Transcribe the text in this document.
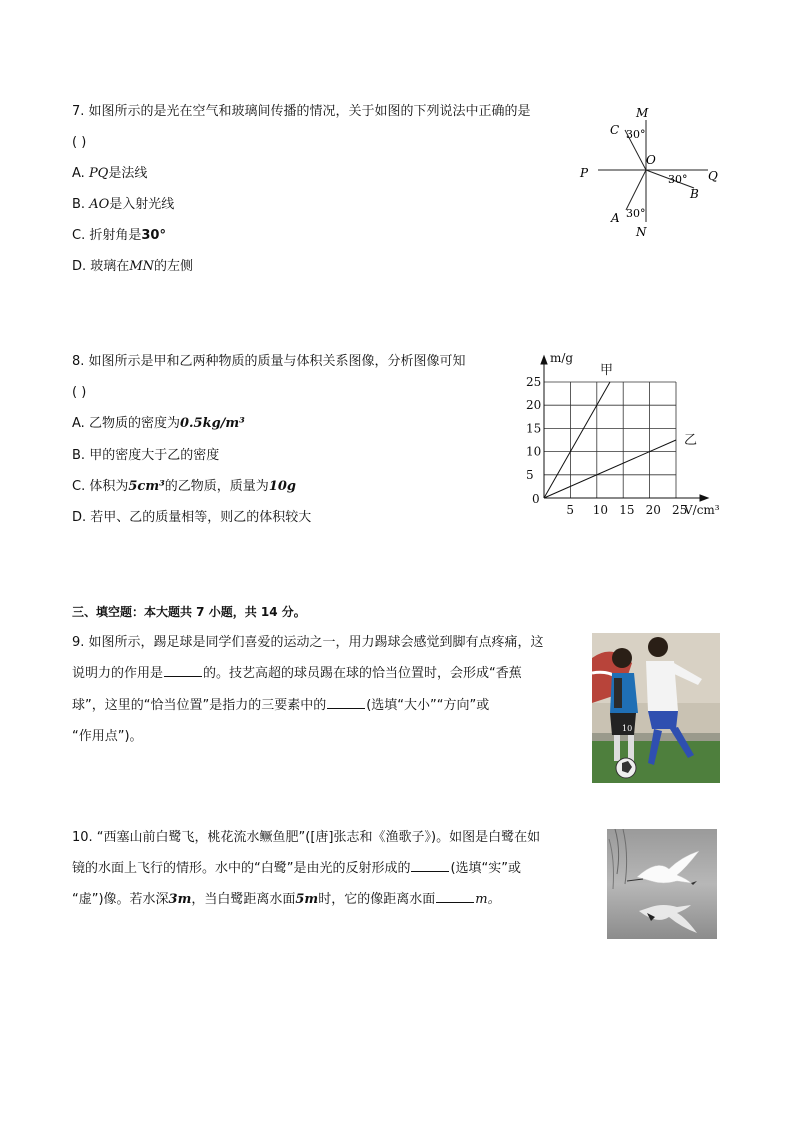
7. 如图所示的是光在空气和玻璃间传播的情况，关于如图的下列说法中正确的是
( )
A. PQ是法线
B. AO是入射光线
C. 折射角是30°
D. 玻璃在MN的左侧
M
C 30°
O
P	Q
30°
B
A 30°
N
8. 如图所示是甲和乙两种物质的质量与体积关系图像，分析图像可知
( )
A. 乙物质的密度为0.5kg/m³
B. 甲的密度大于乙的密度
C. 体积为5cm³的乙物质，质量为10g
D. 若甲、乙的质量相等，则乙的体积较大	5 10 15 20 25
5
10
15
20
25
0
m/g
V/cm³
甲
乙
三、填空题：本大题共 7 小题，共 14 分。
9. 如图所示，踢足球是同学们喜爱的运动之一，用力踢球会感觉到脚有点疼痛，这
说明力的作用是	的。技艺高超的球员踢在球的恰当位置时，会形成“香蕉
球”，这里的“恰当位置”是指力的三要素中的	(选填“大小”“方向”或
“作用点”)。
10
10. “西塞山前白鹭飞，桃花流水鳜鱼肥”([唐]张志和《渔歌子》)。如图是白鹭在如
镜的水面上飞行的情形。水中的“白鹭”是由光的反射形成的	(选填“实”或
“虚”)像。若水深3m，当白鹭距离水面5m时，它的像距离水面	m。
